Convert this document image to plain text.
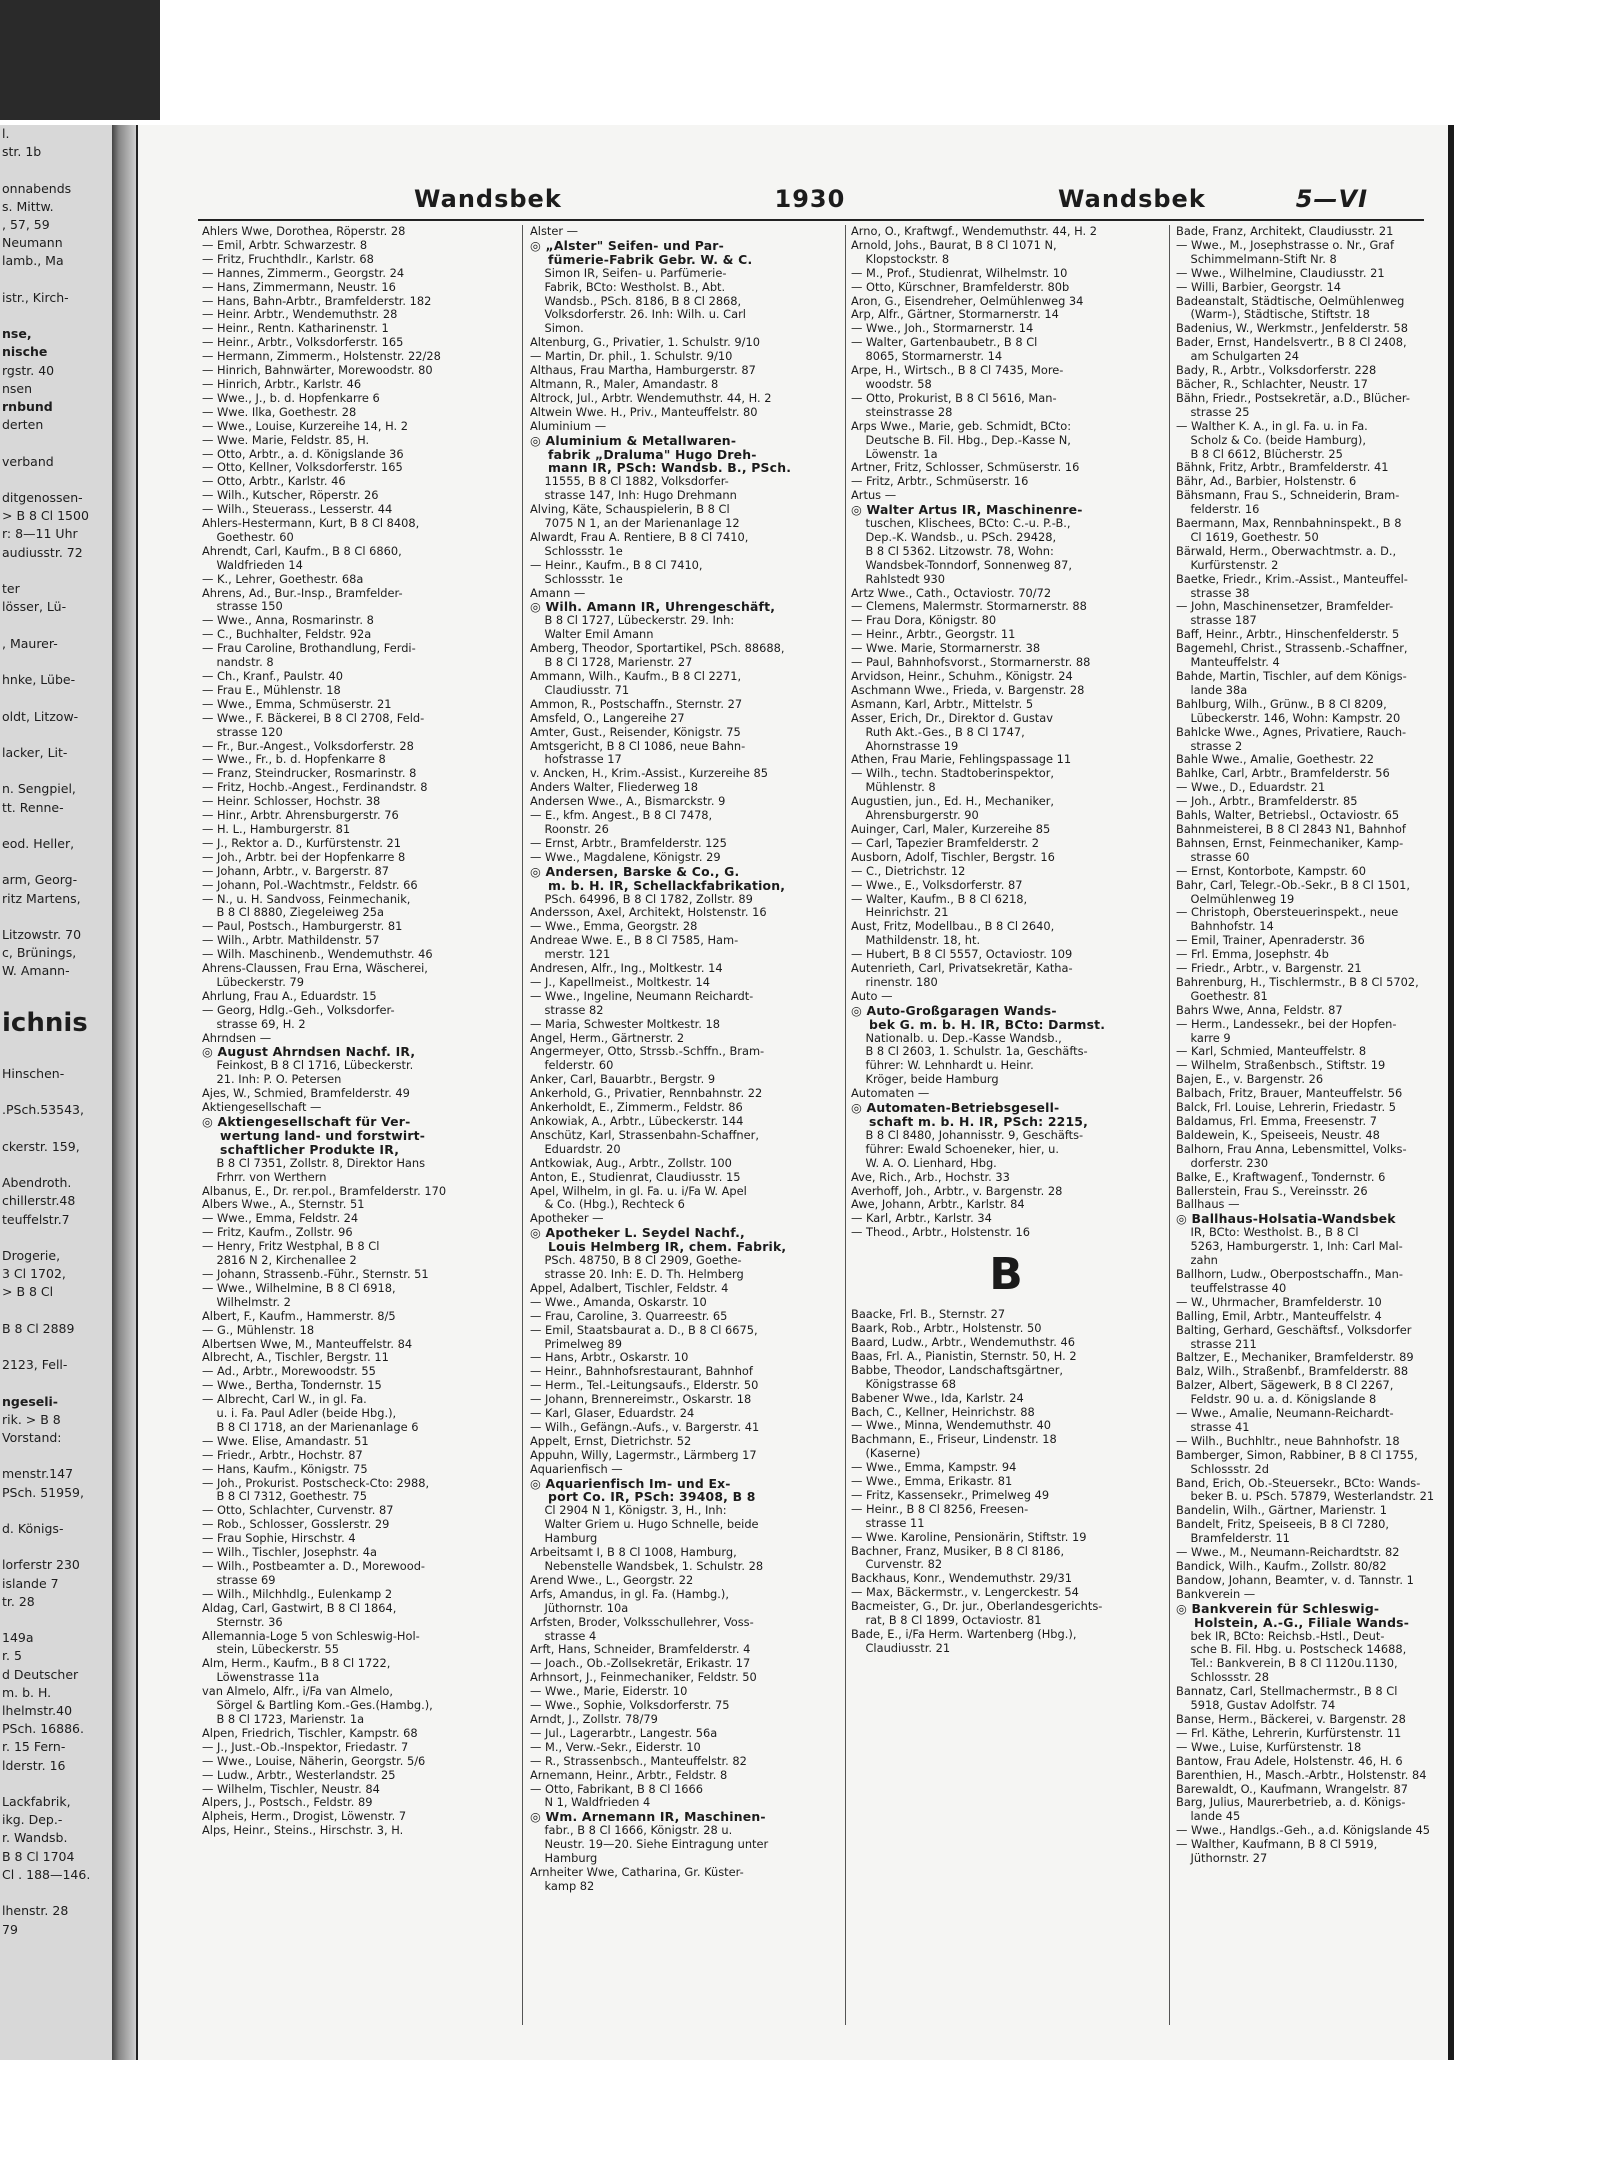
l.
str. 1b

onnabends
s. Mittw.
, 57, 59
Neumann
lamb., Ma

istr., Kirch-

nse,
nische
rgstr. 40
nsen
rnbund
derten

verband

ditgenossen-
> B 8 Cl 1500
r: 8—11 Uhr
audiusstr. 72

ter
lösser, Lü-

, Maurer-

hnke, Lübe-

oldt, Litzow-

lacker, Lit-

n. Sengpiel,
tt. Renne-

eod. Heller,

arm, Georg-
ritz Martens,

Litzowstr. 70
c, Brünings,
W. Amann-

ichnis

Hinschen-

.PSch.53543,

ckerstr. 159,

Abendroth.
chillerstr.48
teuffelstr.7

Drogerie,
3 Cl 1702,
> B 8 Cl

B 8 Cl 2889

2123, Fell-

ngeseli-
rik. > B 8
Vorstand:

menstr.147
PSch. 51959,

d. Königs-

lorferstr 230
islande 7
tr. 28

149a
r. 5
d Deutscher
m. b. H.
lhelmstr.40
PSch. 16886.
r. 15 Fern-
lderstr. 16

Lackfabrik,
ikg. Dep.-
r. Wandsb.
B 8 Cl 1704
Cl . 188—146.

lhenstr. 28
79
Wandsbek	1930	Wandsbek	5—VI
Ahlers Wwe, Dorothea, Röperstr. 28
— Emil, Arbtr. Schwarzestr. 8
— Fritz, Fruchthdlr., Karlstr. 68
— Hannes, Zimmerm., Georgstr. 24
— Hans, Zimmermann, Neustr. 16
— Hans, Bahn-Arbtr., Bramfelderstr. 182
— Heinr. Arbtr., Wendemuthstr. 28
— Heinr., Rentn. Katharinenstr. 1
— Heinr., Arbtr., Volksdorferstr. 165
— Hermann, Zimmerm., Holstenstr. 22/28
— Hinrich, Bahnwärter, Morewoodstr. 80
— Hinrich, Arbtr., Karlstr. 46
— Wwe., J., b. d. Hopfenkarre 6
— Wwe. Ilka, Goethestr. 28
— Wwe., Louise, Kurzereihe 14, H. 2
— Wwe. Marie, Feldstr. 85, H.
— Otto, Arbtr., a. d. Königslande 36
— Otto, Kellner, Volksdorferstr. 165
— Otto, Arbtr., Karlstr. 46
— Wilh., Kutscher, Röperstr. 26
— Wilh., Steuerass., Lesserstr. 44
Ahlers-Hestermann, Kurt, B 8 Cl 8408,
Goethestr. 60
Ahrendt, Carl, Kaufm., B 8 Cl 6860,
Waldfrieden 14
— K., Lehrer, Goethestr. 68a
Ahrens, Ad., Bur.-Insp., Bramfelder-
strasse 150
— Wwe., Anna, Rosmarinstr. 8
— C., Buchhalter, Feldstr. 92a
— Frau Caroline, Brothandlung, Ferdi-
nandstr. 8
— Ch., Kranf., Paulstr. 40
— Frau E., Mühlenstr. 18
— Wwe., Emma, Schmüserstr. 21
— Wwe., F. Bäckerei, B 8 Cl 2708, Feld-
strasse 120
— Fr., Bur.-Angest., Volksdorferstr. 28
— Wwe., Fr., b. d. Hopfenkarre 8
— Franz, Steindrucker, Rosmarinstr. 8
— Fritz, Hochb.-Angest., Ferdinandstr. 8
— Heinr. Schlosser, Hochstr. 38
— Hinr., Arbtr. Ahrensburgerstr. 76
— H. L., Hamburgerstr. 81
— J., Rektor a. D., Kurfürstenstr. 21
— Joh., Arbtr. bei der Hopfenkarre 8
— Johann, Arbtr., v. Bargerstr. 87
— Johann, Pol.-Wachtmstr., Feldstr. 66
— N., u. H. Sandvoss, Feinmechanik,
B 8 Cl 8880, Ziegeleiweg 25a
— Paul, Postsch., Hamburgerstr. 81
— Wilh., Arbtr. Mathildenstr. 57
— Wilh. Maschinenb., Wendemuthstr. 46
Ahrens-Claussen, Frau Erna, Wäscherei,
Lübeckerstr. 79
Ahrlung, Frau A., Eduardstr. 15
— Georg, Hdlg.-Geh., Volksdorfer-
strasse 69, H. 2
Ahrndsen —
◎ August Ahrndsen Nachf. IR,
Feinkost, B 8 Cl 1716, Lübeckerstr.
21. Inh: P. O. Petersen
Ajes, W., Schmied, Bramfelderstr. 49
Aktiengesellschaft —
◎ Aktiengesellschaft für Ver-
wertung land- und forstwirt-
schaftlicher Produkte IR,
B 8 Cl 7351, Zollstr. 8, Direktor Hans
Frhrr. von Werthern
Albanus, E., Dr. rer.pol., Bramfelderstr. 170
Albers Wwe., A., Sternstr. 51
— Wwe., Emma, Feldstr. 24
— Fritz, Kaufm., Zollstr. 96
— Henry, Fritz Westphal, B 8 Cl
2816 N 2, Kirchenallee 2
— Johann, Strassenb.-Führ., Sternstr. 51
— Wwe., Wilhelmine, B 8 Cl 6918,
Wilhelmstr. 2
Albert, F., Kaufm., Hammerstr. 8/5
— G., Mühlenstr. 18
Albertsen Wwe, M., Manteuffelstr. 84
Albrecht, A., Tischler, Bergstr. 11
— Ad., Arbtr., Morewoodstr. 55
— Wwe., Bertha, Tondernstr. 15
— Albrecht, Carl W., in gl. Fa.
u. i. Fa. Paul Adler (beide Hbg.),
B 8 Cl 1718, an der Marienanlage 6
— Wwe. Elise, Amandastr. 51
— Friedr., Arbtr., Hochstr. 87
— Hans, Kaufm., Königstr. 75
— Joh., Prokurist. Postscheck-Cto: 2988,
B 8 Cl 7312, Goethestr. 75
— Otto, Schlachter, Curvenstr. 87
— Rob., Schlosser, Gosslerstr. 29
— Frau Sophie, Hirschstr. 4
— Wilh., Tischler, Josephstr. 4a
— Wilh., Postbeamter a. D., Morewood-
strasse 69
— Wilh., Milchhdlg., Eulenkamp 2
Aldag, Carl, Gastwirt, B 8 Cl 1864,
Sternstr. 36
Allemannia-Loge 5 von Schleswig-Hol-
stein, Lübeckerstr. 55
Alm, Herm., Kaufm., B 8 Cl 1722,
Löwenstrasse 11a
van Almelo, Alfr., i/Fa van Almelo,
Sörgel & Bartling Kom.-Ges.(Hambg.),
B 8 Cl 1723, Marienstr. 1a
Alpen, Friedrich, Tischler, Kampstr. 68
— J., Just.-Ob.-Inspektor, Friedastr. 7
— Wwe., Louise, Näherin, Georgstr. 5/6
— Ludw., Arbtr., Westerlandstr. 25
— Wilhelm, Tischler, Neustr. 84
Alpers, J., Postsch., Feldstr. 89
Alpheis, Herm., Drogist, Löwenstr. 7
Alps, Heinr., Steins., Hirschstr. 3, H.
Alster —
◎ „Alster" Seifen- und Par-
fümerie-Fabrik Gebr. W. & C.
Simon IR, Seifen- u. Parfümerie-
Fabrik, BCto: Westholst. B., Abt.
Wandsb., PSch. 8186, B 8 Cl 2868,
Volksdorferstr. 26. Inh: Wilh. u. Carl
Simon.
Altenburg, G., Privatier, 1. Schulstr. 9/10
— Martin, Dr. phil., 1. Schulstr. 9/10
Althaus, Frau Martha, Hamburgerstr. 87
Altmann, R., Maler, Amandastr. 8
Altrock, Jul., Arbtr. Wendemuthstr. 44, H. 2
Altwein Wwe. H., Priv., Manteuffelstr. 80
Aluminium —
◎ Aluminium & Metallwaren-
fabrik „Draluma" Hugo Dreh-
mann IR, PSch: Wandsb. B., PSch.
11555, B 8 Cl 1882, Volksdorfer-
strasse 147, Inh: Hugo Drehmann
Alving, Käte, Schauspielerin, B 8 Cl
7075 N 1, an der Marienanlage 12
Alwardt, Frau A. Rentiere, B 8 Cl 7410,
Schlossstr. 1e
— Heinr., Kaufm., B 8 Cl 7410,
Schlossstr. 1e
Amann —
◎ Wilh. Amann IR, Uhrengeschäft,
B 8 Cl 1727, Lübeckerstr. 29. Inh:
Walter Emil Amann
Amberg, Theodor, Sportartikel, PSch. 88688,
B 8 Cl 1728, Marienstr. 27
Ammann, Wilh., Kaufm., B 8 Cl 2271,
Claudiusstr. 71
Ammon, R., Postschaffn., Sternstr. 27
Amsfeld, O., Langereihe 27
Amter, Gust., Reisender, Königstr. 75
Amtsgericht, B 8 Cl 1086, neue Bahn-
hofstrasse 17
v. Ancken, H., Krim.-Assist., Kurzereihe 85
Anders Walter, Fliederweg 18
Andersen Wwe., A., Bismarckstr. 9
— E., kfm. Angest., B 8 Cl 7478,
Roonstr. 26
— Ernst, Arbtr., Bramfelderstr. 125
— Wwe., Magdalene, Königstr. 29
◎ Andersen, Barske & Co., G.
m. b. H. IR, Schellackfabrikation,
PSch. 64996, B 8 Cl 1782, Zollstr. 89
Andersson, Axel, Architekt, Holstenstr. 16
— Wwe., Emma, Georgstr. 28
Andreae Wwe. E., B 8 Cl 7585, Ham-
merstr. 121
Andresen, Alfr., Ing., Moltkestr. 14
— J., Kapellmeist., Moltkestr. 14
— Wwe., Ingeline, Neumann Reichardt-
strasse 82
— Maria, Schwester Moltkestr. 18
Angel, Herm., Gärtnerstr. 2
Angermeyer, Otto, Strssb.-Schffn., Bram-
felderstr. 60
Anker, Carl, Bauarbtr., Bergstr. 9
Ankerhold, G., Privatier, Rennbahnstr. 22
Ankerholdt, E., Zimmerm., Feldstr. 86
Ankowiak, A., Arbtr., Lübeckerstr. 144
Anschütz, Karl, Strassenbahn-Schaffner,
Eduardstr. 20
Antkowiak, Aug., Arbtr., Zollstr. 100
Anton, E., Studienrat, Claudiusstr. 15
Apel, Wilhelm, in gl. Fa. u. i/Fa W. Apel
& Co. (Hbg.), Rechteck 6
Apotheker —
◎ Apotheker L. Seydel Nachf.,
Louis Helmberg IR, chem. Fabrik,
PSch. 48750, B 8 Cl 2909, Goethe-
strasse 20. Inh: E. D. Th. Helmberg
Appel, Adalbert, Tischler, Feldstr. 4
— Wwe., Amanda, Oskarstr. 10
— Frau, Caroline, 3. Quarreestr. 65
— Emil, Staatsbaurat a. D., B 8 Cl 6675,
Primelweg 89
— Hans, Arbtr., Oskarstr. 10
— Heinr., Bahnhofsrestaurant, Bahnhof
— Herm., Tel.-Leitungsaufs., Elderstr. 50
— Johann, Brennereimstr., Oskarstr. 18
— Karl, Glaser, Eduardstr. 24
— Wilh., Gefängn.-Aufs., v. Bargerstr. 41
Appelt, Ernst, Dietrichstr. 52
Appuhn, Willy, Lagermstr., Lärmberg 17
Aquarienfisch —
◎ Aquarienfisch Im- und Ex-
port Co. IR, PSch: 39408, B 8
Cl 2904 N 1, Königstr. 3, H., Inh:
Walter Griem u. Hugo Schnelle, beide
Hamburg
Arbeitsamt I, B 8 Cl 1008, Hamburg,
Nebenstelle Wandsbek, 1. Schulstr. 28
Arend Wwe., L., Georgstr. 22
Arfs, Amandus, in gl. Fa. (Hambg.),
Jüthornstr. 10a
Arfsten, Broder, Volksschullehrer, Voss-
strasse 4
Arft, Hans, Schneider, Bramfelderstr. 4
— Joach., Ob.-Zollsekretär, Erikastr. 17
Arhnsort, J., Feinmechaniker, Feldstr. 50
— Wwe., Marie, Eiderstr. 10
— Wwe., Sophie, Volksdorferstr. 75
Arndt, J., Zollstr. 78/79
— Jul., Lagerarbtr., Langestr. 56a
— M., Verw.-Sekr., Eiderstr. 10
— R., Strassenbsch., Manteuffelstr. 82
Arnemann, Heinr., Arbtr., Feldstr. 8
— Otto, Fabrikant, B 8 Cl 1666
N 1, Waldfrieden 4
◎ Wm. Arnemann IR, Maschinen-
fabr., B 8 Cl 1666, Königstr. 28 u.
Neustr. 19—20. Siehe Eintragung unter
Hamburg
Arnheiter Wwe, Catharina, Gr. Küster-
kamp 82
Arno, O., Kraftwgf., Wendemuthstr. 44, H. 2
Arnold, Johs., Baurat, B 8 Cl 1071 N,
Klopstockstr. 8
— M., Prof., Studienrat, Wilhelmstr. 10
— Otto, Kürschner, Bramfelderstr. 80b
Aron, G., Eisendreher, Oelmühlenweg 34
Arp, Alfr., Gärtner, Stormarnerstr. 14
— Wwe., Joh., Stormarnerstr. 14
— Walter, Gartenbaubetr., B 8 Cl
8065, Stormarnerstr. 14
Arpe, H., Wirtsch., B 8 Cl 7435, More-
woodstr. 58
— Otto, Prokurist, B 8 Cl 5616, Man-
steinstrasse 28
Arps Wwe., Marie, geb. Schmidt, BCto:
Deutsche B. Fil. Hbg., Dep.-Kasse N,
Löwenstr. 1a
Artner, Fritz, Schlosser, Schmüserstr. 16
— Fritz, Arbtr., Schmüserstr. 16
Artus —
◎ Walter Artus IR, Maschinenre-
tuschen, Klischees, BCto: C.-u. P.-B.,
Dep.-K. Wandsb., u. PSch. 29428,
B 8 Cl 5362. Litzowstr. 78, Wohn:
Wandsbek-Tonndorf, Sonnenweg 87,
Rahlstedt 930
Artz Wwe., Cath., Octaviostr. 70/72
— Clemens, Malermstr. Stormarnerstr. 88
— Frau Dora, Königstr. 80
— Heinr., Arbtr., Georgstr. 11
— Wwe. Marie, Stormarnerstr. 38
— Paul, Bahnhofsvorst., Stormarnerstr. 88
Arvidson, Heinr., Schuhm., Königstr. 24
Aschmann Wwe., Frieda, v. Bargenstr. 28
Asmann, Karl, Arbtr., Mittelstr. 5
Asser, Erich, Dr., Direktor d. Gustav
Ruth Akt.-Ges., B 8 Cl 1747,
Ahornstrasse 19
Athen, Frau Marie, Fehlingspassage 11
— Wilh., techn. Stadtoberinspektor,
Mühlenstr. 8
Augustien, jun., Ed. H., Mechaniker,
Ahrensburgerstr. 90
Auinger, Carl, Maler, Kurzereihe 85
— Carl, Tapezier Bramfelderstr. 2
Ausborn, Adolf, Tischler, Bergstr. 16
— C., Dietrichstr. 12
— Wwe., E., Volksdorferstr. 87
— Walter, Kaufm., B 8 Cl 6218,
Heinrichstr. 21
Aust, Fritz, Modellbau., B 8 Cl 2640,
Mathildenstr. 18, ht.
— Hubert, B 8 Cl 5557, Octaviostr. 109
Autenrieth, Carl, Privatsekretär, Katha-
rinenstr. 180
Auto —
◎ Auto-Großgaragen Wands-
bek G. m. b. H. IR, BCto: Darmst.
Nationalb. u. Dep.-Kasse Wandsb.,
B 8 Cl 2603, 1. Schulstr. 1a, Geschäfts-
führer: W. Lehnhardt u. Heinr.
Kröger, beide Hamburg
Automaten —
◎ Automaten-Betriebsgesell-
schaft m. b. H. IR, PSch: 2215,
B 8 Cl 8480, Johannisstr. 9, Geschäfts-
führer: Ewald Schoeneker, hier, u.
W. A. O. Lienhard, Hbg.
Ave, Rich., Arb., Hochstr. 33
Averhoff, Joh., Arbtr., v. Bargenstr. 28
Awe, Johann, Arbtr., Karlstr. 84
— Karl, Arbtr., Karlstr. 34
— Theod., Arbtr., Holstenstr. 16
B
Baacke, Frl. B., Sternstr. 27
Baark, Rob., Arbtr., Holstenstr. 50
Baard, Ludw., Arbtr., Wendemuthstr. 46
Baas, Frl. A., Pianistin, Sternstr. 50, H. 2
Babbe, Theodor, Landschaftsgärtner,
Königstrasse 68
Babener Wwe., Ida, Karlstr. 24
Bach, C., Kellner, Heinrichstr. 88
— Wwe., Minna, Wendemuthstr. 40
Bachmann, E., Friseur, Lindenstr. 18
(Kaserne)
— Wwe., Emma, Kampstr. 94
— Wwe., Emma, Erikastr. 81
— Fritz, Kassensekr., Primelweg 49
— Heinr., B 8 Cl 8256, Freesen-
strasse 11
— Wwe. Karoline, Pensionärin, Stiftstr. 19
Bachner, Franz, Musiker, B 8 Cl 8186,
Curvenstr. 82
Backhaus, Konr., Wendemuthstr. 29/31
— Max, Bäckermstr., v. Lengerckestr. 54
Bacmeister, G., Dr. jur., Oberlandesgerichts-
rat, B 8 Cl 1899, Octaviostr. 81
Bade, E., i/Fa Herm. Wartenberg (Hbg.),
Claudiusstr. 21
Bade, Franz, Architekt, Claudiusstr. 21
— Wwe., M., Josephstrasse o. Nr., Graf
Schimmelmann-Stift Nr. 8
— Wwe., Wilhelmine, Claudiusstr. 21
— Willi, Barbier, Georgstr. 14
Badeanstalt, Städtische, Oelmühlenweg
(Warm-), Städtische, Stiftstr. 18
Badenius, W., Werkmstr., Jenfelderstr. 58
Bader, Ernst, Handelsvertr., B 8 Cl 2408,
am Schulgarten 24
Bady, R., Arbtr., Volksdorferstr. 228
Bächer, R., Schlachter, Neustr. 17
Bähn, Friedr., Postsekretär, a.D., Blücher-
strasse 25
— Walther K. A., in gl. Fa. u. in Fa.
Scholz & Co. (beide Hamburg),
B 8 Cl 6612, Blücherstr. 25
Bähnk, Fritz, Arbtr., Bramfelderstr. 41
Bähr, Ad., Barbier, Holstenstr. 6
Bähsmann, Frau S., Schneiderin, Bram-
felderstr. 16
Baermann, Max, Rennbahninspekt., B 8
Cl 1619, Goethestr. 50
Bärwald, Herm., Oberwachtmstr. a. D.,
Kurfürstenstr. 2
Baetke, Friedr., Krim.-Assist., Manteuffel-
strasse 38
— John, Maschinensetzer, Bramfelder-
strasse 187
Baff, Heinr., Arbtr., Hinschenfelderstr. 5
Bagemehl, Christ., Strassenb.-Schaffner,
Manteuffelstr. 4
Bahde, Martin, Tischler, auf dem Königs-
lande 38a
Bahlburg, Wilh., Grünw., B 8 Cl 8209,
Lübeckerstr. 146, Wohn: Kampstr. 20
Bahlcke Wwe., Agnes, Privatiere, Rauch-
strasse 2
Bahle Wwe., Amalie, Goethestr. 22
Bahlke, Carl, Arbtr., Bramfelderstr. 56
— Wwe., D., Eduardstr. 21
— Joh., Arbtr., Bramfelderstr. 85
Bahls, Walter, Betriebsl., Octaviostr. 65
Bahnmeisterei, B 8 Cl 2843 N1, Bahnhof
Bahnsen, Ernst, Feinmechaniker, Kamp-
strasse 60
— Ernst, Kontorbote, Kampstr. 60
Bahr, Carl, Telegr.-Ob.-Sekr., B 8 Cl 1501,
Oelmühlenweg 19
— Christoph, Obersteuerinspekt., neue
Bahnhofstr. 14
— Emil, Trainer, Apenraderstr. 36
— Frl. Emma, Josephstr. 4b
— Friedr., Arbtr., v. Bargenstr. 21
Bahrenburg, H., Tischlermstr., B 8 Cl 5702,
Goethestr. 81
Bahrs Wwe, Anna, Feldstr. 87
— Herm., Landessekr., bei der Hopfen-
karre 9
— Karl, Schmied, Manteuffelstr. 8
— Wilhelm, Straßenbsch., Stiftstr. 19
Bajen, E., v. Bargenstr. 26
Balbach, Fritz, Brauer, Manteuffelstr. 56
Balck, Frl. Louise, Lehrerin, Friedastr. 5
Baldamus, Frl. Emma, Freesenstr. 7
Baldewein, K., Speiseeis, Neustr. 48
Balhorn, Frau Anna, Lebensmittel, Volks-
dorferstr. 230
Balke, E., Kraftwagenf., Tondernstr. 6
Ballerstein, Frau S., Vereinsstr. 26
Ballhaus —
◎ Ballhaus-Holsatia-Wandsbek
IR, BCto: Westholst. B., B 8 Cl
5263, Hamburgerstr. 1, Inh: Carl Mal-
zahn
Ballhorn, Ludw., Oberpostschaffn., Man-
teuffelstrasse 40
— W., Uhrmacher, Bramfelderstr. 10
Balling, Emil, Arbtr., Manteuffelstr. 4
Balting, Gerhard, Geschäftsf., Volksdorfer
strasse 211
Baltzer, E., Mechaniker, Bramfelderstr. 89
Balz, Wilh., Straßenbf., Bramfelderstr. 88
Balzer, Albert, Sägewerk, B 8 Cl 2267,
Feldstr. 90 u. a. d. Königslande 8
— Wwe., Amalie, Neumann-Reichardt-
strasse 41
— Wilh., Buchhltr., neue Bahnhofstr. 18
Bamberger, Simon, Rabbiner, B 8 Cl 1755,
Schlossstr. 2d
Band, Erich, Ob.-Steuersekr., BCto: Wands-
beker B. u. PSch. 57879, Westerlandstr. 21
Bandelin, Wilh., Gärtner, Marienstr. 1
Bandelt, Fritz, Speiseeis, B 8 Cl 7280,
Bramfelderstr. 11
— Wwe., M., Neumann-Reichardtstr. 82
Bandick, Wilh., Kaufm., Zollstr. 80/82
Bandow, Johann, Beamter, v. d. Tannstr. 1
Bankverein —
◎ Bankverein für Schleswig-
Holstein, A.-G., Filiale Wands-
bek IR, BCto: Reichsb.-Hstl., Deut-
sche B. Fil. Hbg. u. Postscheck 14688,
Tel.: Bankverein, B 8 Cl 1120u.1130,
Schlossstr. 28
Bannatz, Carl, Stellmachermstr., B 8 Cl
5918, Gustav Adolfstr. 74
Banse, Herm., Bäckerei, v. Bargenstr. 28
— Frl. Käthe, Lehrerin, Kurfürstenstr. 11
— Wwe., Luise, Kurfürstenstr. 18
Bantow, Frau Adele, Holstenstr. 46, H. 6
Barenthien, H., Masch.-Arbtr., Holstenstr. 84
Barewaldt, O., Kaufmann, Wrangelstr. 87
Barg, Julius, Maurerbetrieb, a. d. Königs-
lande 45
— Wwe., Handlgs.-Geh., a.d. Königslande 45
— Walther, Kaufmann, B 8 Cl 5919,
Jüthornstr. 27
